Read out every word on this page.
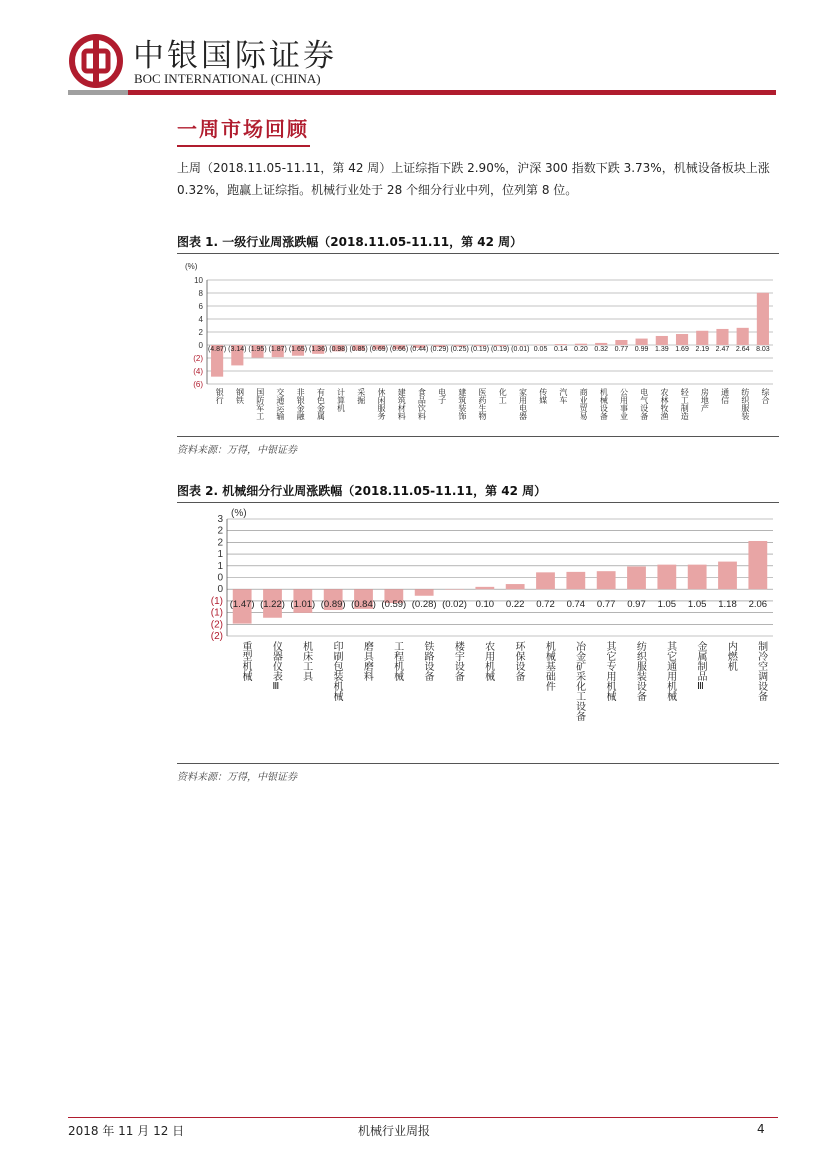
中银国际证券
BOC INTERNATIONAL (CHINA)
一周市场回顾
上周（2018.11.05-11.11，第 42 周）上证综指下跌 2.90%，沪深 300 指数下跌 3.73%，机械设备板块上涨 0.32%，跑赢上证综指。机械行业处于 28 个细分行业中列，位列第 8 位。
图表 1. 一级行业周涨跌幅（2018.11.05-11.11，第 42 周）
(%)
10
8
6
4
2
0
(2)
(4)
(6)
(4.87)
银行
(3.14)
钢铁
(1.95)
国防军工
(1.87)
交通运输
(1.65)
非银金融
(1.36)
有色金属
(0.98)
计算机
(0.85)
采掘
(0.69)
休闲服务
(0.66)
建筑材料
(0.44)
食品饮料
(0.29)
电子
(0.25)
建筑装饰
(0.19)
医药生物
(0.19)
化工
(0.01)
家用电器
0.05
传媒
0.14
汽车
0.20
商业贸易
0.32
机械设备
0.77
公用事业
0.99
电气设备
1.39
农林牧渔
1.69
轻工制造
2.19
房地产
2.47
通信
2.64
纺织服装
8.03
综合
资料来源：万得，中银证券
图表 2. 机械细分行业周涨跌幅（2018.11.05-11.11，第 42 周）
(%)
3
2
2
1
1
0
0
(1)
(1)
(2)
(2)
(1.47)
重型机械
(1.22)
仪器仪表Ⅲ
(1.01)
机床工具
(0.89)
印刷包装机械
(0.84)
磨具磨料
(0.59)
工程机械
(0.28)
铁路设备
(0.02)
楼宇设备
0.10
农用机械
0.22
环保设备
0.72
机械基础件
0.74
冶金矿采化工设备
0.77
其它专用机械
0.97
纺织服装设备
1.05
其它通用机械
1.05
金属制品Ⅲ
1.18
内燃机
2.06
制冷空调设备
资料来源：万得，中银证券
2018 年 11 月 12 日	机械行业周报	4
